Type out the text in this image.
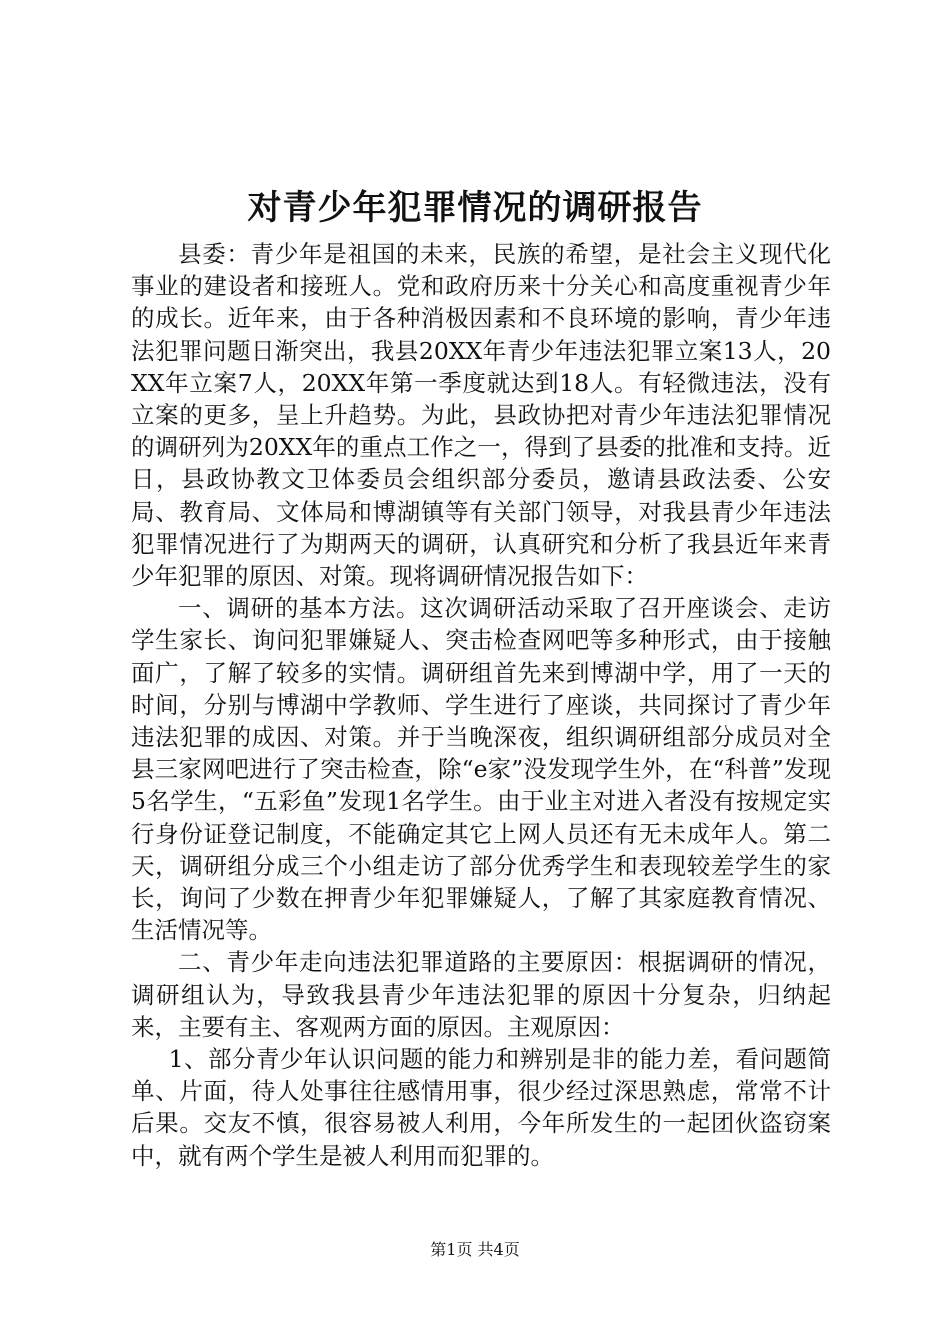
对青少年犯罪情况的调研报告

县委：青少年是祖国的未来，民族的希望，是社会主义现代化事业的建设者和接班人。党和政府历来十分关心和高度重视青少年的成长。近年来，由于各种消极因素和不良环境的影响，青少年违法犯罪问题日渐突出，我县20XX年青少年违法犯罪立案13人，20XX年立案7人，20XX年第一季度就达到18人。有轻微违法，没有立案的更多，呈上升趋势。为此，县政协把对青少年违法犯罪情况的调研列为20XX年的重点工作之一，得到了县委的批准和支持。近日，县政协教文卫体委员会组织部分委员，邀请县政法委、公安局、教育局、文体局和博湖镇等有关部门领导，对我县青少年违法犯罪情况进行了为期两天的调研，认真研究和分析了我县近年来青少年犯罪的原因、对策。现将调研情况报告如下：

一、调研的基本方法。这次调研活动采取了召开座谈会、走访学生家长、询问犯罪嫌疑人、突击检查网吧等多种形式，由于接触面广，了解了较多的实情。调研组首先来到博湖中学，用了一天的时间，分别与博湖中学教师、学生进行了座谈，共同探讨了青少年违法犯罪的成因、对策。并于当晚深夜，组织调研组部分成员对全县三家网吧进行了突击检查，除“e家”没发现学生外，在“科普”发现5名学生，“五彩鱼”发现1名学生。由于业主对进入者没有按规定实行身份证登记制度，不能确定其它上网人员还有无未成年人。第二天，调研组分成三个小组走访了部分优秀学生和表现较差学生的家长，询问了少数在押青少年犯罪嫌疑人，了解了其家庭教育情况、生活情况等。

二、青少年走向违法犯罪道路的主要原因：根据调研的情况，调研组认为，导致我县青少年违法犯罪的原因十分复杂，归纳起来，主要有主、客观两方面的原因。主观原因：

1、部分青少年认识问题的能力和辨别是非的能力差，看问题简单、片面，待人处事往往感情用事，很少经过深思熟虑，常常不计后果。交友不慎，很容易被人利用，今年所发生的一起团伙盗窃案中，就有两个学生是被人利用而犯罪的。

第1页 共4页
